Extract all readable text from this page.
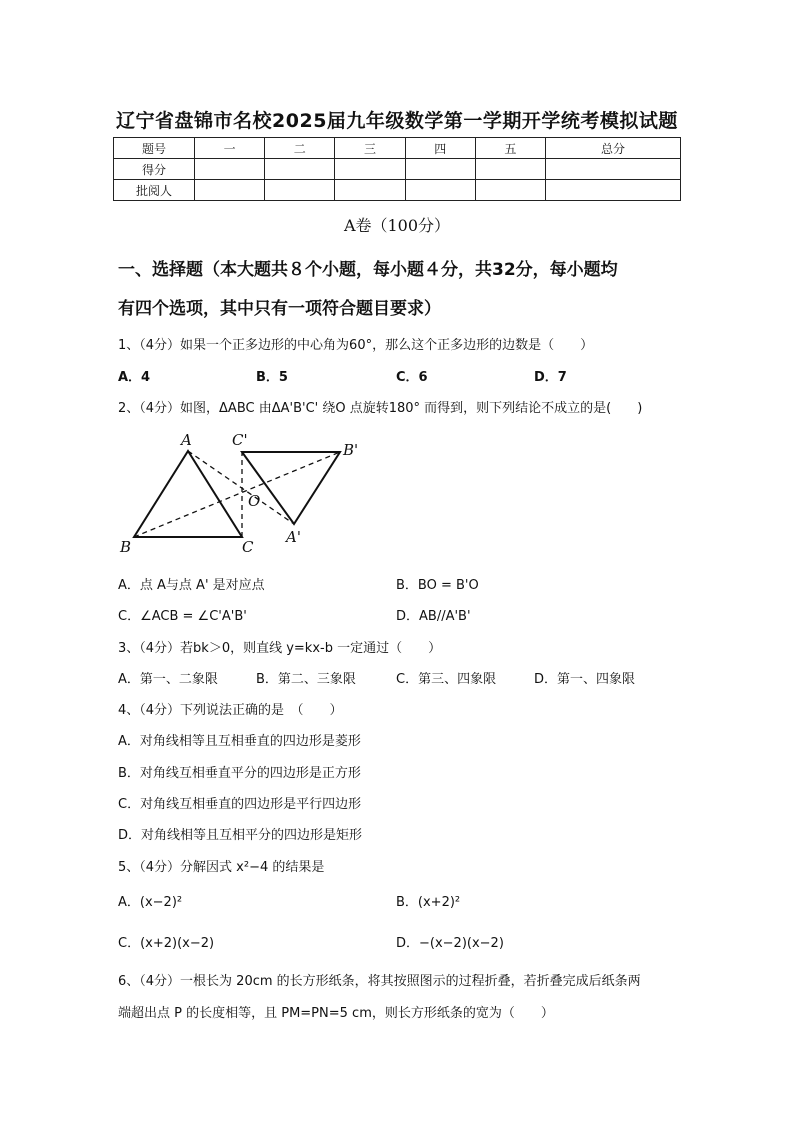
辽宁省盘锦市名校2025届九年级数学第一学期开学统考模拟试题
题号	一	二	三	四	五	总分
得分						
批阅人						
A卷（100分）
一、选择题（本大题共８个小题，每小题４分，共32分，每小题均
有四个选项，其中只有一项符合题目要求）
1、（4分）如果一个正多边形的中心角为60°，那么这个正多边形的边数是（　　）
A．4	B．5	C．6	D．7
2、（4分）如图，ΔABC 由ΔA'B'C' 绕O 点旋转180° 而得到，则下列结论不成立的是(　　)
A	C'
B'
O
B	C
A'
A．点 A与点 A' 是对应点	B．BO = B'O
C．∠ACB = ∠C'A'B'	D．AB//A'B'
3、（4分）若bk＞0，则直线 y=kx-b 一定通过（　　）
A．第一、二象限	B．第二、三象限	C．第三、四象限	D．第一、四象限
4、（4分）下列说法正确的是　（　　）
A．对角线相等且互相垂直的四边形是菱形
B．对角线互相垂直平分的四边形是正方形
C．对角线互相垂直的四边形是平行四边形
D．对角线相等且互相平分的四边形是矩形
5、（4分）分解因式 x²−4 的结果是
A．(x−2)²	B．(x+2)²
C．(x+2)(x−2)	D．−(x−2)(x−2)
6、（4分）一根长为 20cm 的长方形纸条，将其按照图示的过程折叠，若折叠完成后纸条两
端超出点 P 的长度相等，且 PM=PN=5 cm，则长方形纸条的宽为（　　）
